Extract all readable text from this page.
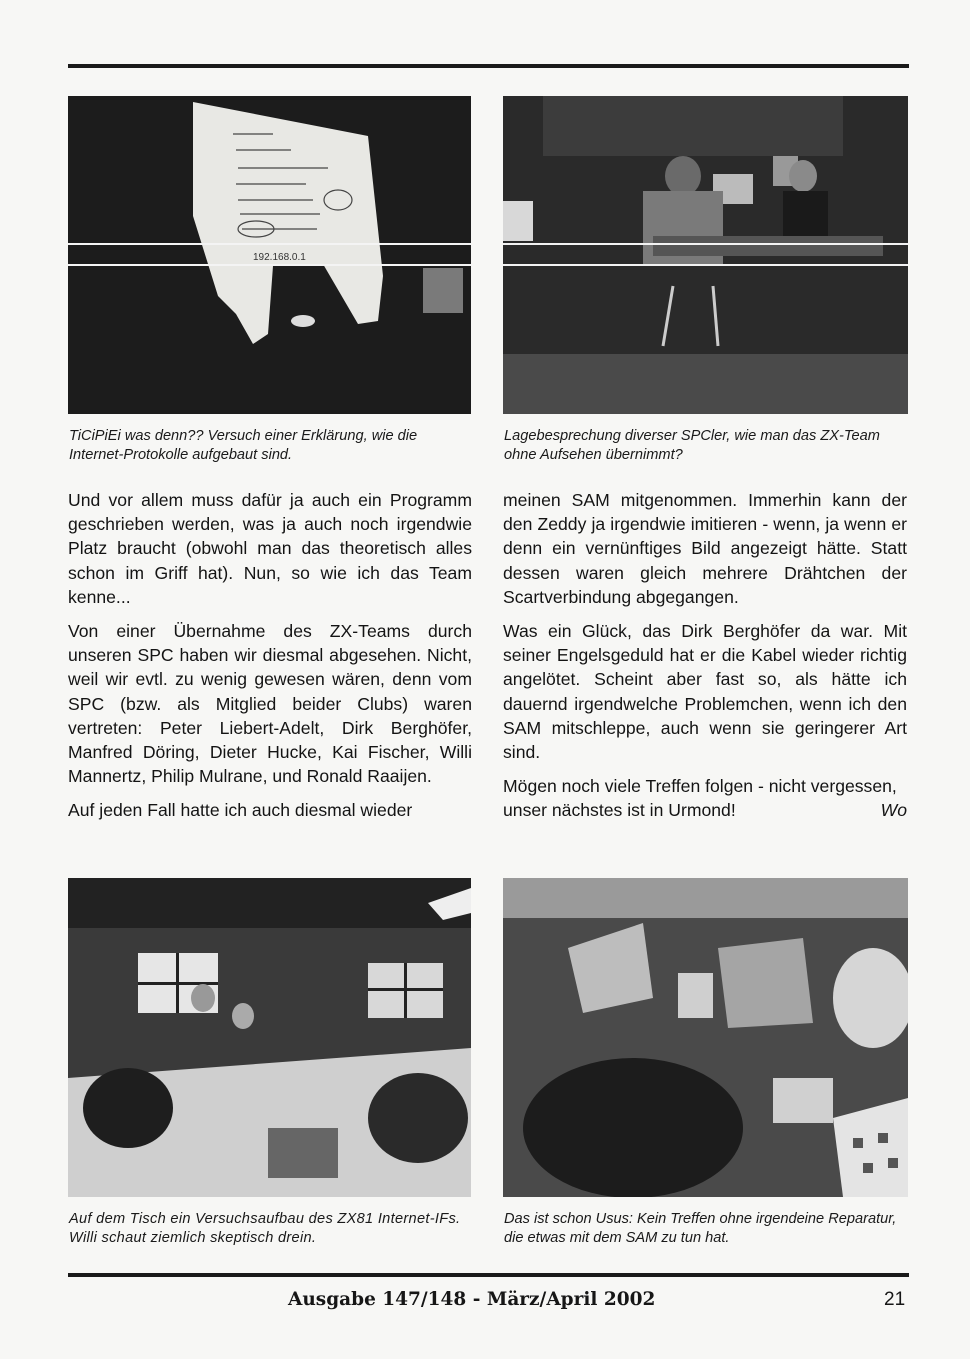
192.168.0.1
TiCiPiEi was denn?? Versuch einer Erklärung, wie die Internet-Protokolle aufgebaut sind.
Lagebesprechung diverser SPCler, wie man das ZX-Team ohne Aufsehen übernimmt?

Und vor allem muss dafür ja auch ein Programm geschrieben werden, was ja auch noch irgendwie Platz braucht (obwohl man das theoretisch alles schon im Griff hat). Nun, so wie ich das Team kenne...

Von einer Übernahme des ZX-Teams durch unseren SPC haben wir diesmal abgesehen. Nicht, weil wir evtl. zu wenig gewesen wären, denn vom SPC (bzw. als Mitglied beider Clubs) waren vertreten: Peter Liebert-Adelt, Dirk Berghöfer, Manfred Döring, Dieter Hucke, Kai Fischer, Willi Mannertz, Philip Mulrane, und Ronald Raaijen.

Auf jeden Fall hatte ich auch diesmal wieder

meinen SAM mitgenommen. Immerhin kann der den Zeddy ja irgendwie imitieren - wenn, ja wenn er denn ein vernünftiges Bild angezeigt hätte. Statt dessen waren gleich mehrere Drähtchen der Scartverbindung abgegangen.

Was ein Glück, das Dirk Berghöfer da war. Mit seiner Engelsgeduld hat er die Kabel wieder richtig angelötet. Scheint aber fast so, als hätte ich dauernd irgendwelche Problemchen, wenn ich den SAM mitschleppe, auch wenn sie geringerer Art sind.

Mögen noch viele Treffen folgen - nicht vergessen, unser nächstes ist in Urmond!	Wo

Auf dem Tisch ein Versuchsaufbau des ZX81 Internet-IFs. Willi schaut ziemlich skeptisch drein.
Das ist schon Usus: Kein Treffen ohne irgendeine Reparatur, die etwas mit dem SAM zu tun hat.
Ausgabe 147/148 - März/April 2002	21
